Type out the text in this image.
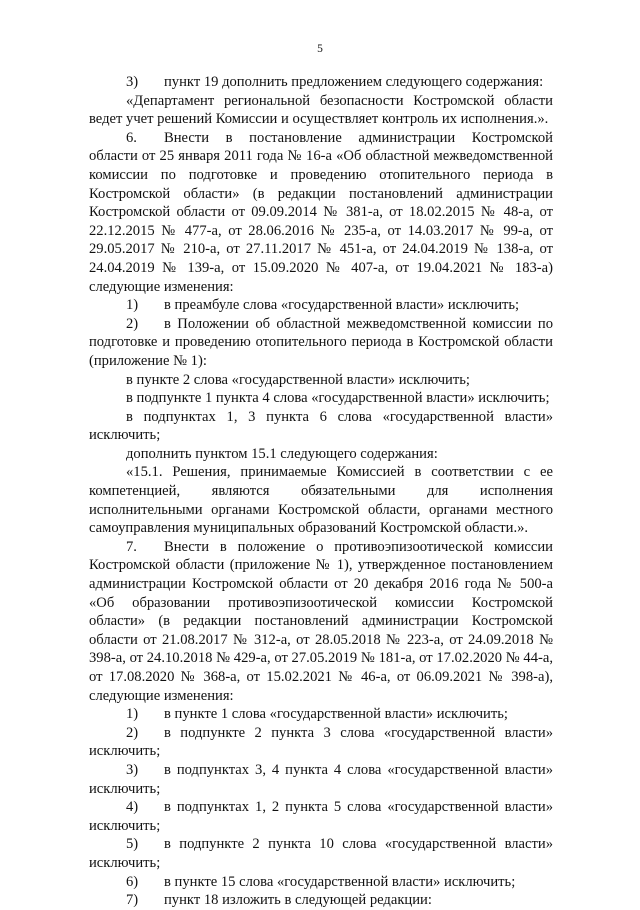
5

3) пункт 19 дополнить предложением следующего содержания:

«Департамент региональной безопасности Костромской области ведет учет решений Комиссии и осуществляет контроль их исполнения.».

6. Внести в постановление администрации Костромской области от 25 января 2011 года № 16-а «Об областной межведомственной комиссии по подготовке и проведению отопительного периода в Костромской области» (в редакции постановлений администрации Костромской области от 09.09.2014 № 381-а, от 18.02.2015 № 48-а, от 22.12.2015 № 477-а, от 28.06.2016 № 235-а, от 14.03.2017 № 99-а, от 29.05.2017 № 210-а, от 27.11.2017 № 451-а, от 24.04.2019 № 138-а, от 24.04.2019 № 139-а, от 15.09.2020 № 407-а, от 19.04.2021 № 183-а) следующие изменения:

1) в преамбуле слова «государственной власти» исключить;

2) в Положении об областной межведомственной комиссии по подготовке и проведению отопительного периода в Костромской области (приложение № 1):

в пункте 2 слова «государственной власти» исключить;

в подпункте 1 пункта 4 слова «государственной власти» исключить;

в подпунктах 1, 3 пункта 6 слова «государственной власти» исключить;

дополнить пунктом 15.1 следующего содержания:

«15.1. Решения, принимаемые Комиссией в соответствии с ее компетенцией, являются обязательными для исполнения исполнительными органами Костромской области, органами местного самоуправления муниципальных образований Костромской области.».

7. Внести в положение о противоэпизоотической комиссии Костромской области (приложение № 1), утвержденное постановлением администрации Костромской области от 20 декабря 2016 года № 500-а «Об образовании противоэпизоотической комиссии Костромской области» (в редакции постановлений администрации Костромской области от 21.08.2017 № 312-а, от 28.05.2018 № 223-а, от 24.09.2018 № 398-а, от 24.10.2018 № 429-а, от 27.05.2019 № 181-а, от 17.02.2020 № 44-а, от 17.08.2020 № 368-а, от 15.02.2021 № 46-а, от 06.09.2021 № 398-а), следующие изменения:

1) в пункте 1 слова «государственной власти» исключить;

2) в подпункте 2 пункта 3 слова «государственной власти» исключить;

3) в подпунктах 3, 4 пункта 4 слова «государственной власти» исключить;

4) в подпунктах 1, 2 пункта 5 слова «государственной власти» исключить;

5) в подпункте 2 пункта 10 слова «государственной власти» исключить;

6) в пункте 15 слова «государственной власти» исключить;

7) пункт 18 изложить в следующей редакции:
